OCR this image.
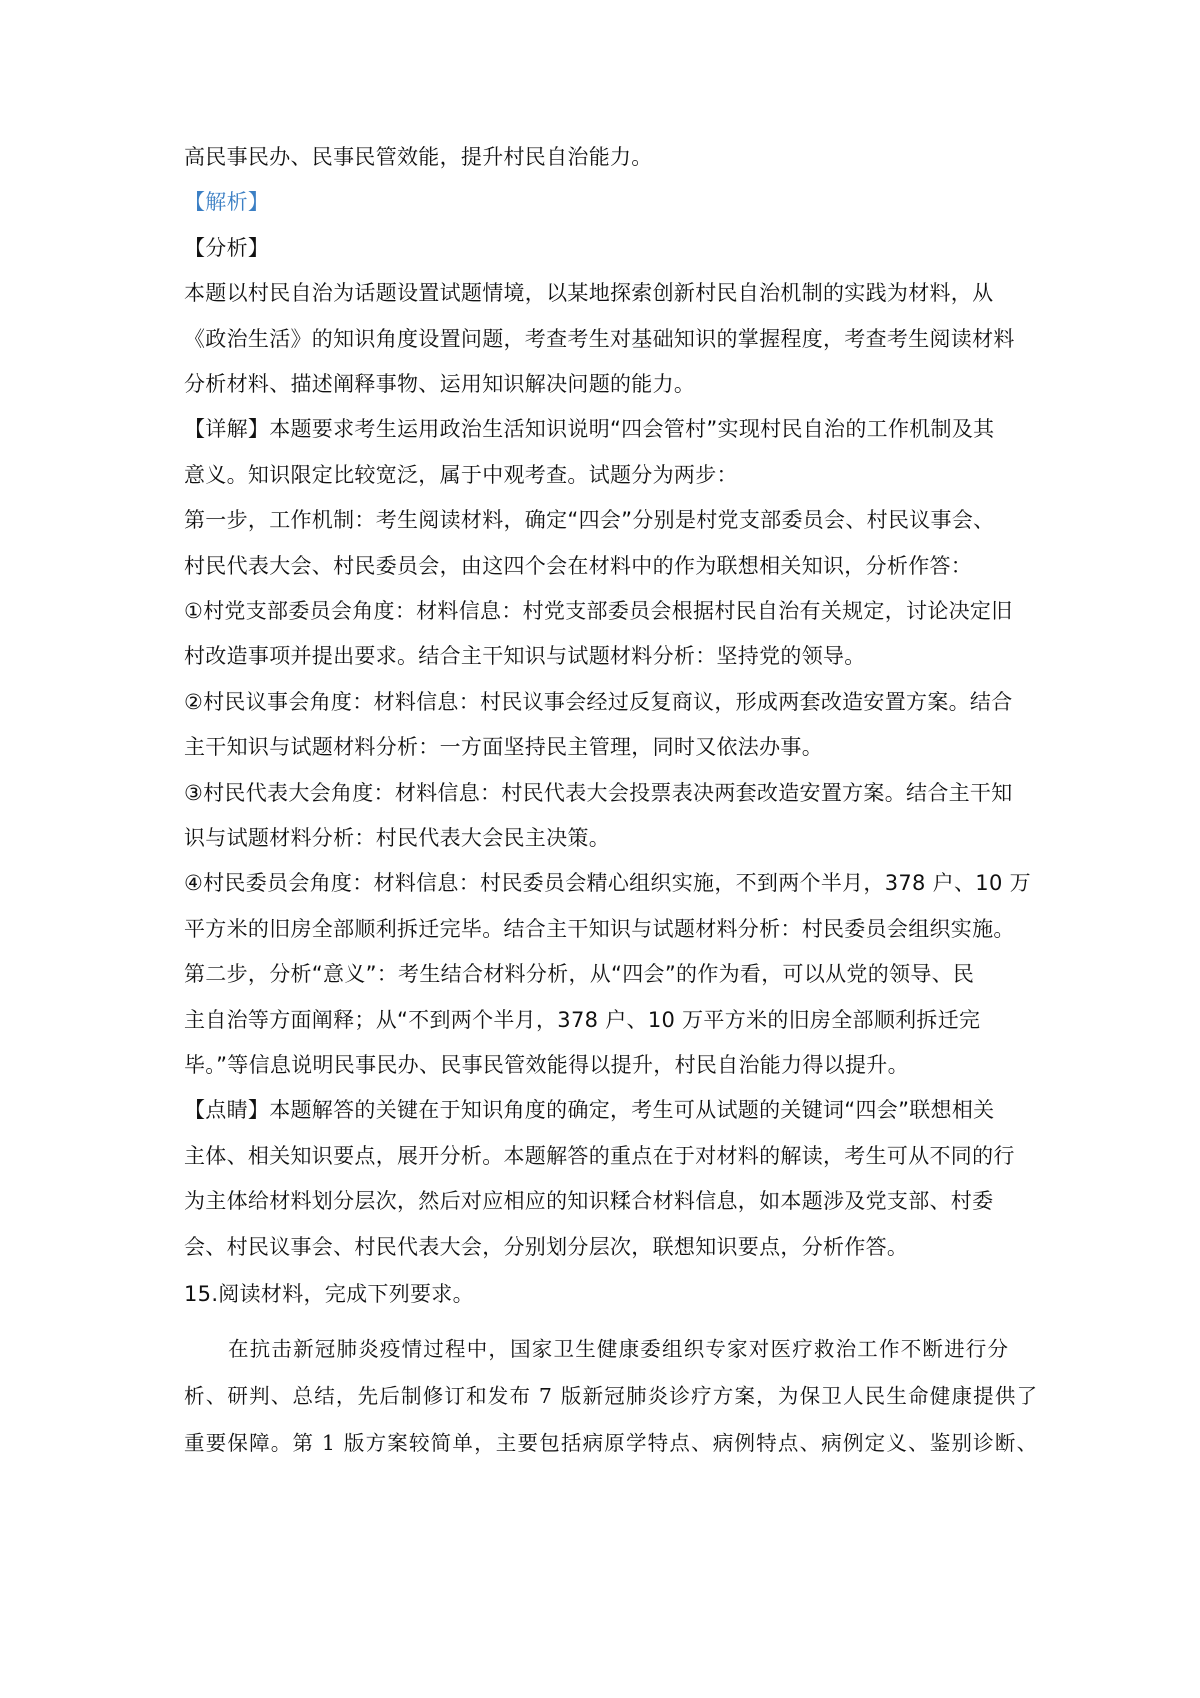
高民事民办、民事民管效能，提升村民自治能力。
【解析】
【分析】
本题以村民自治为话题设置试题情境，以某地探索创新村民自治机制的实践为材料，从
《政治生活》的知识角度设置问题，考查考生对基础知识的掌握程度，考查考生阅读材料
分析材料、描述阐释事物、运用知识解决问题的能力。
【详解】本题要求考生运用政治生活知识说明“四会管村”实现村民自治的工作机制及其
意义。知识限定比较宽泛，属于中观考查。试题分为两步：
第一步，工作机制：考生阅读材料，确定“四会”分别是村党支部委员会、村民议事会、
村民代表大会、村民委员会，由这四个会在材料中的作为联想相关知识，分析作答：
①村党支部委员会角度：材料信息：村党支部委员会根据村民自治有关规定，讨论决定旧
村改造事项并提出要求。结合主干知识与试题材料分析：坚持党的领导。
②村民议事会角度：材料信息：村民议事会经过反复商议，形成两套改造安置方案。结合
主干知识与试题材料分析：一方面坚持民主管理，同时又依法办事。
③村民代表大会角度：材料信息：村民代表大会投票表决两套改造安置方案。结合主干知
识与试题材料分析：村民代表大会民主决策。
④村民委员会角度：材料信息：村民委员会精心组织实施，不到两个半月，378 户、10 万
平方米的旧房全部顺利拆迁完毕。结合主干知识与试题材料分析：村民委员会组织实施。
第二步，分析“意义”：考生结合材料分析，从“四会”的作为看，可以从党的领导、民
主自治等方面阐释；从“不到两个半月，378 户、10 万平方米的旧房全部顺利拆迁完
毕。”等信息说明民事民办、民事民管效能得以提升，村民自治能力得以提升。
【点睛】本题解答的关键在于知识角度的确定，考生可从试题的关键词“四会”联想相关
主体、相关知识要点，展开分析。本题解答的重点在于对材料的解读，考生可从不同的行
为主体给材料划分层次，然后对应相应的知识糅合材料信息，如本题涉及党支部、村委
会、村民议事会、村民代表大会，分别划分层次，联想知识要点，分析作答。
15.阅读材料，完成下列要求。
在抗击新冠肺炎疫情过程中，国家卫生健康委组织专家对医疗救治工作不断进行分
析、研判、总结，先后制修订和发布 7 版新冠肺炎诊疗方案，为保卫人民生命健康提供了
重要保障。第 1 版方案较简单，主要包括病原学特点、病例特点、病例定义、鉴别诊断、
